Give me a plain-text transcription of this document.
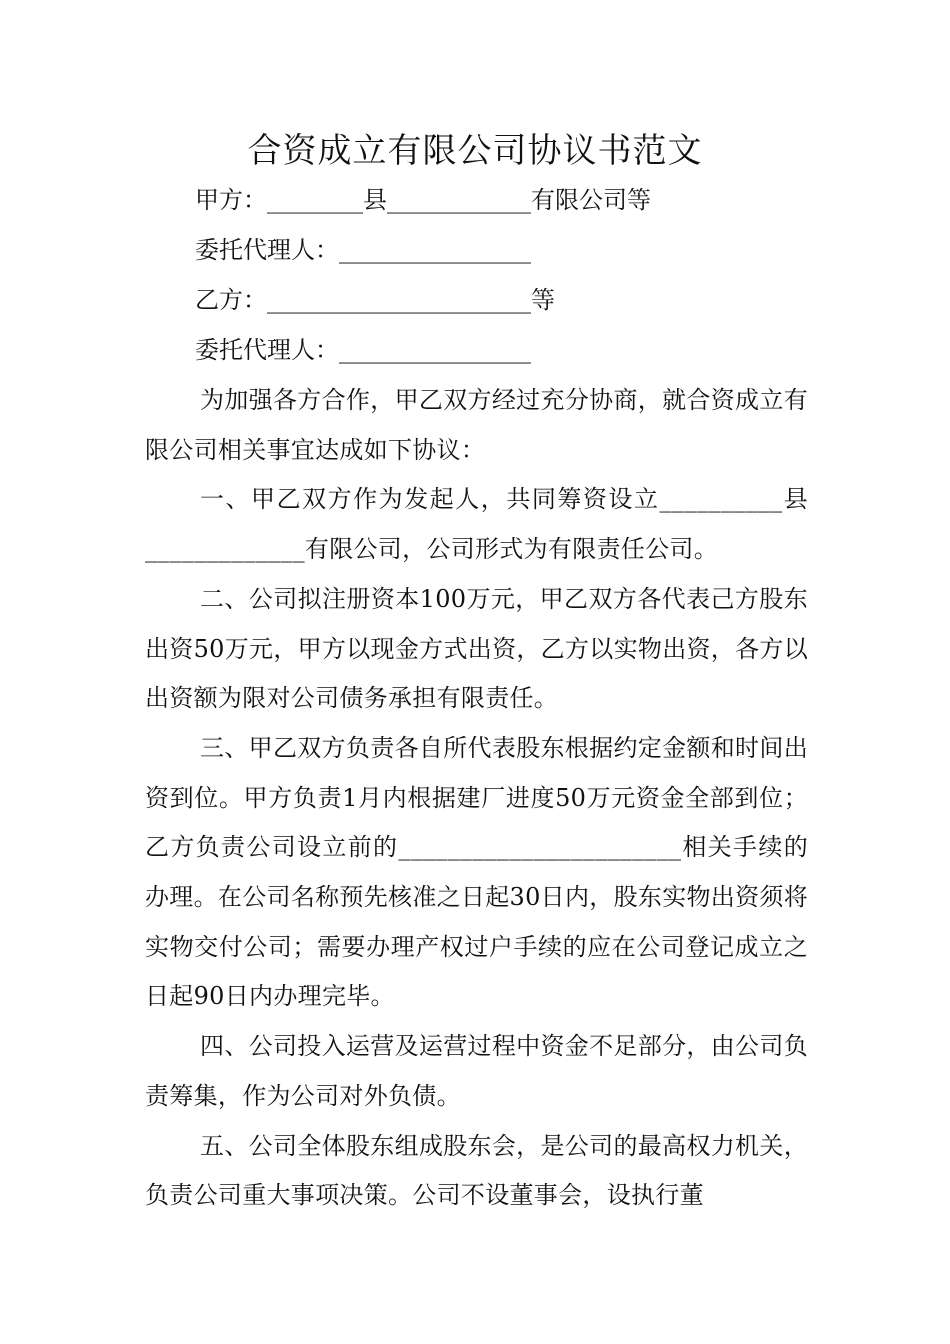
合资成立有限公司协议书范文
甲方：________县____________有限公司等
委托代理人：________________
乙方：______________________等
委托代理人：________________

为加强各方合作，甲乙双方经过充分协商，就合资成立有限公司相关事宜达成如下协议：

一、甲乙双方作为发起人，共同筹资设立__________县_____________有限公司，公司形式为有限责任公司。

二、公司拟注册资本100万元，甲乙双方各代表己方股东出资50万元，甲方以现金方式出资，乙方以实物出资，各方以出资额为限对公司债务承担有限责任。

三、甲乙双方负责各自所代表股东根据约定金额和时间出资到位。甲方负责1月内根据建厂进度50万元资金全部到位；乙方负责公司设立前的_______________________相关手续的办理。在公司名称预先核准之日起30日内，股东实物出资须将实物交付公司；需要办理产权过户手续的应在公司登记成立之日起90日内办理完毕。

四、公司投入运营及运营过程中资金不足部分，由公司负责筹集，作为公司对外负债。

五、公司全体股东组成股东会，是公司的最高权力机关，负责公司重大事项决策。公司不设董事会，设执行董
